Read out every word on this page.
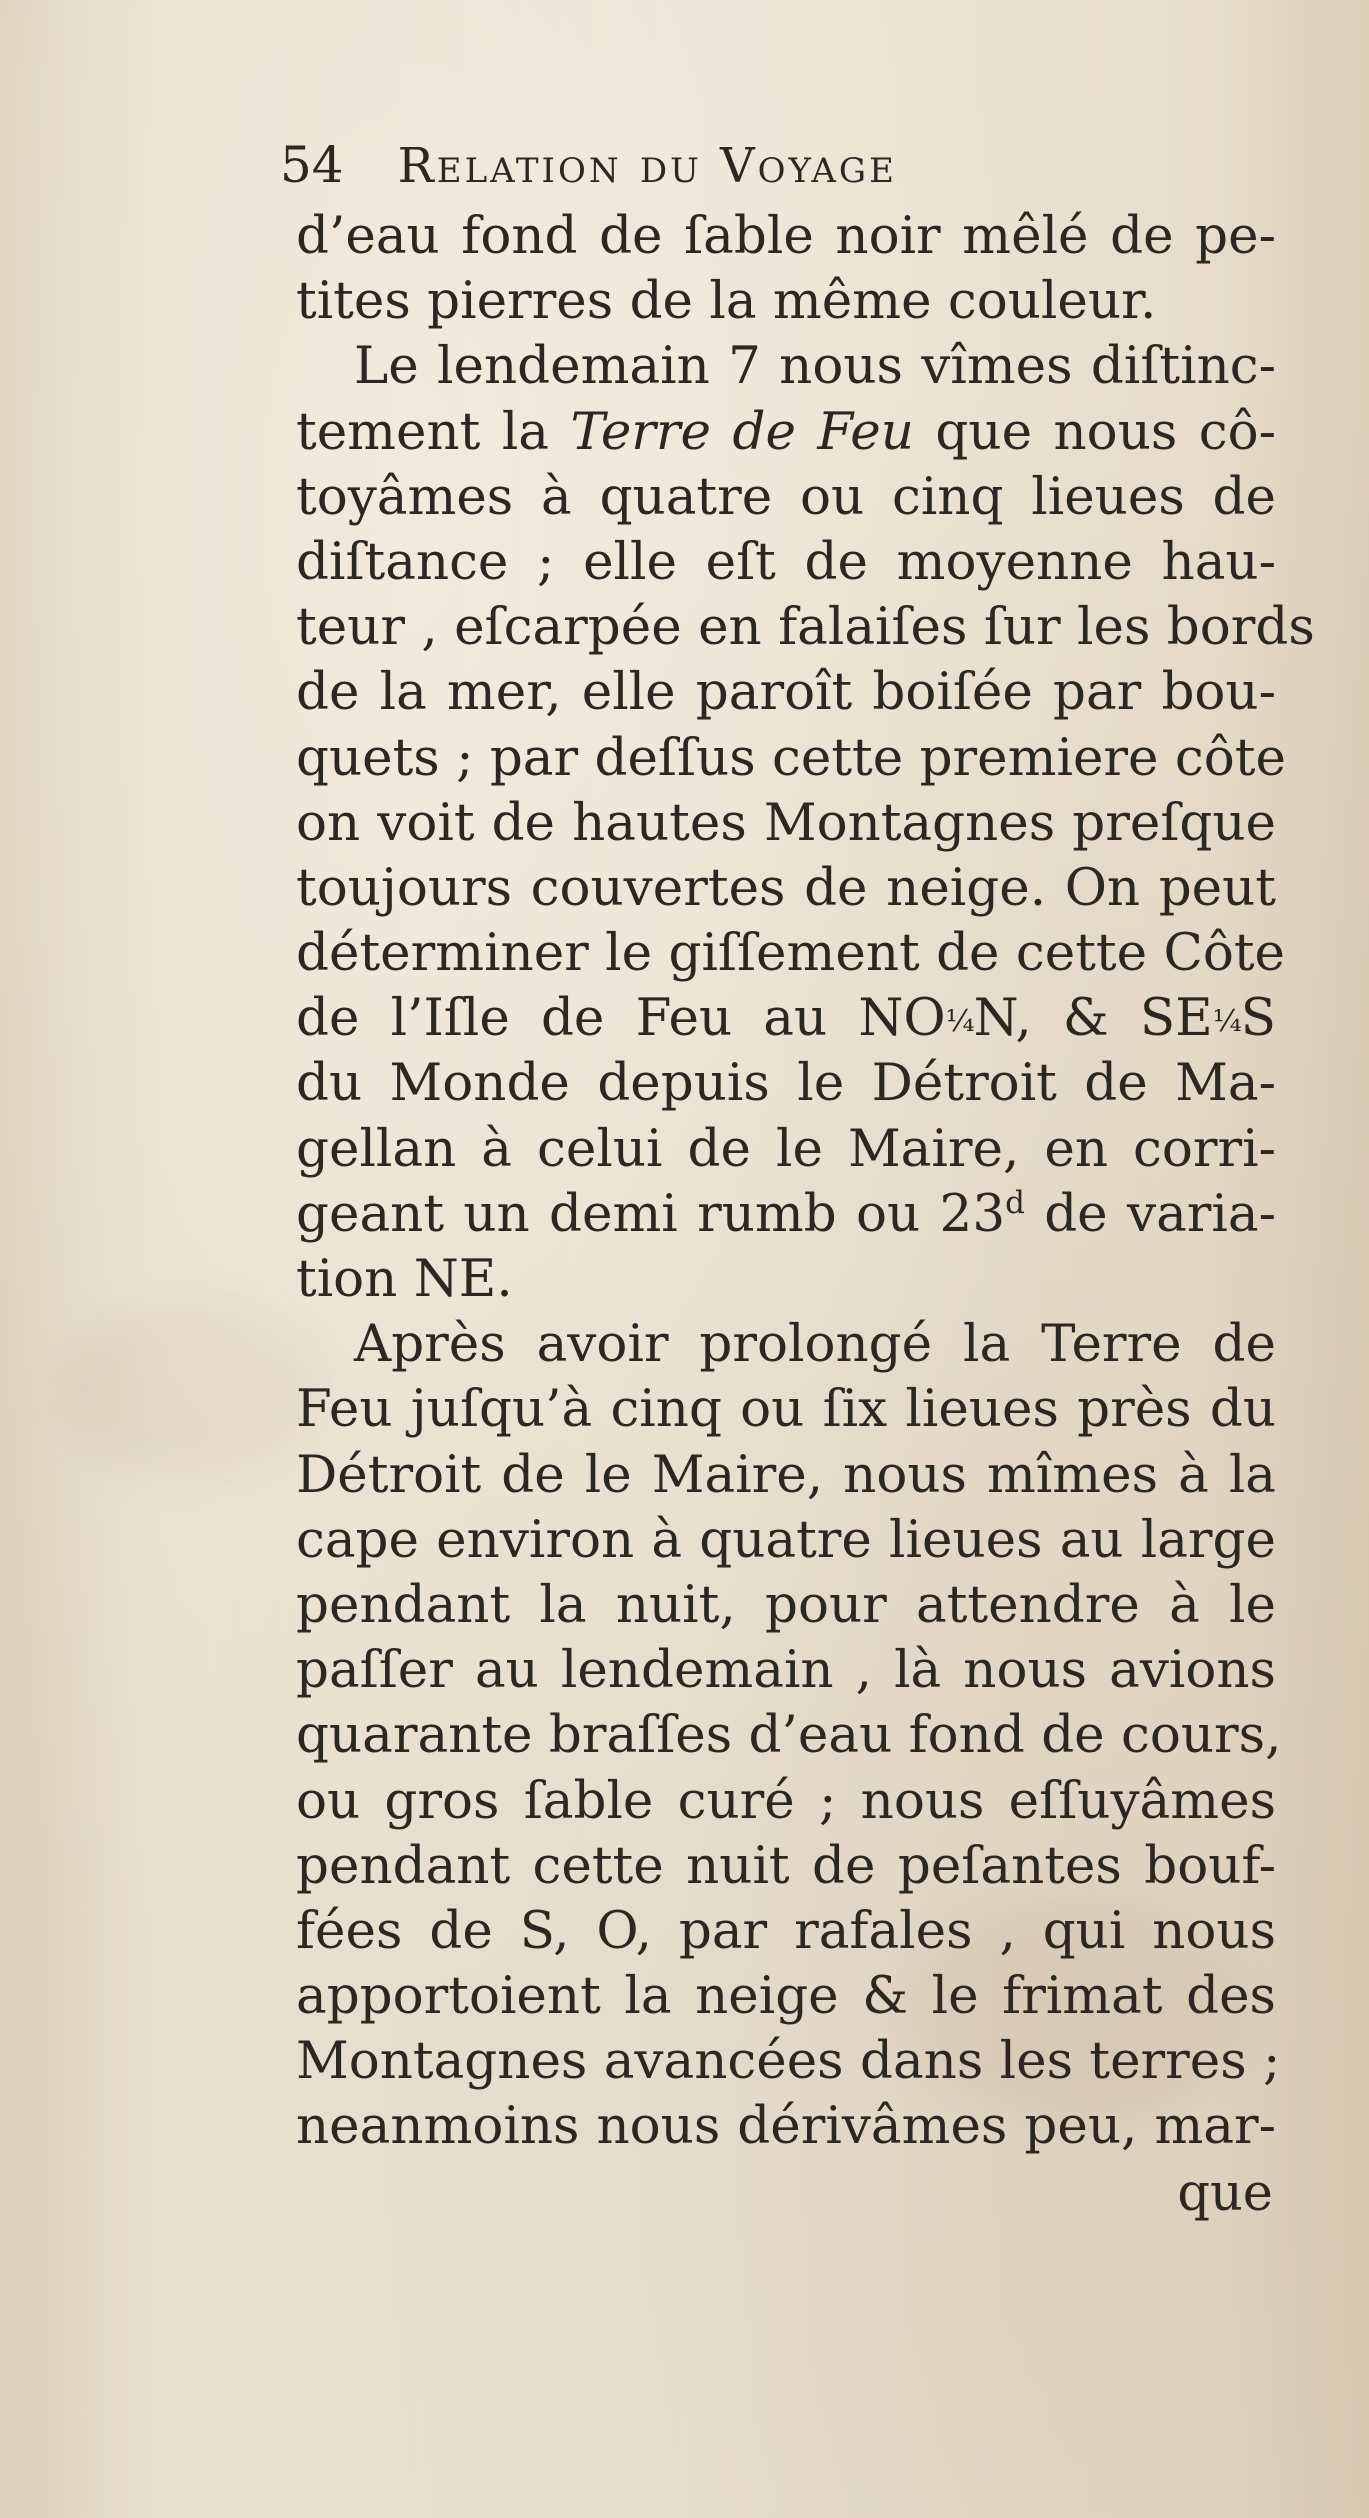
54 Relation du Voyage
d’eau fond de ſable noir mêlé de pe-
tites pierres de la même couleur.
Le lendemain 7 nous vîmes diſtinc-
tement la Terre de Feu que nous cô-
toyâmes à quatre ou cinq lieues de
diſtance ; elle eſt de moyenne hau-
teur , eſcarpée en falaiſes ſur les bords
de la mer, elle paroît boiſée par bou-
quets ; par deſſus cette premiere côte
on voit de hautes Montagnes preſque
toujours couvertes de neige. On peut
déterminer le giſſement de cette Côte
de l’Iſle de Feu au NO¼N, & SE¼S
du Monde depuis le Détroit de Ma-
gellan à celui de le Maire, en corri-
geant un demi rumb ou 23$^d$ de varia-
tion NE.
Après avoir prolongé la Terre de
Feu juſqu’à cinq ou ſix lieues près du
Détroit de le Maire, nous mîmes à la
cape environ à quatre lieues au large
pendant la nuit, pour attendre à le
paſſer au lendemain , là nous avions
quarante braſſes d’eau fond de cours,
ou gros ſable curé ; nous eſſuyâmes
pendant cette nuit de peſantes bouf-
fées de S, O, par rafales , qui nous
apportoient la neige & le frimat des
Montagnes avancées dans les terres ;
neanmoins nous dérivâmes peu, mar-
que
